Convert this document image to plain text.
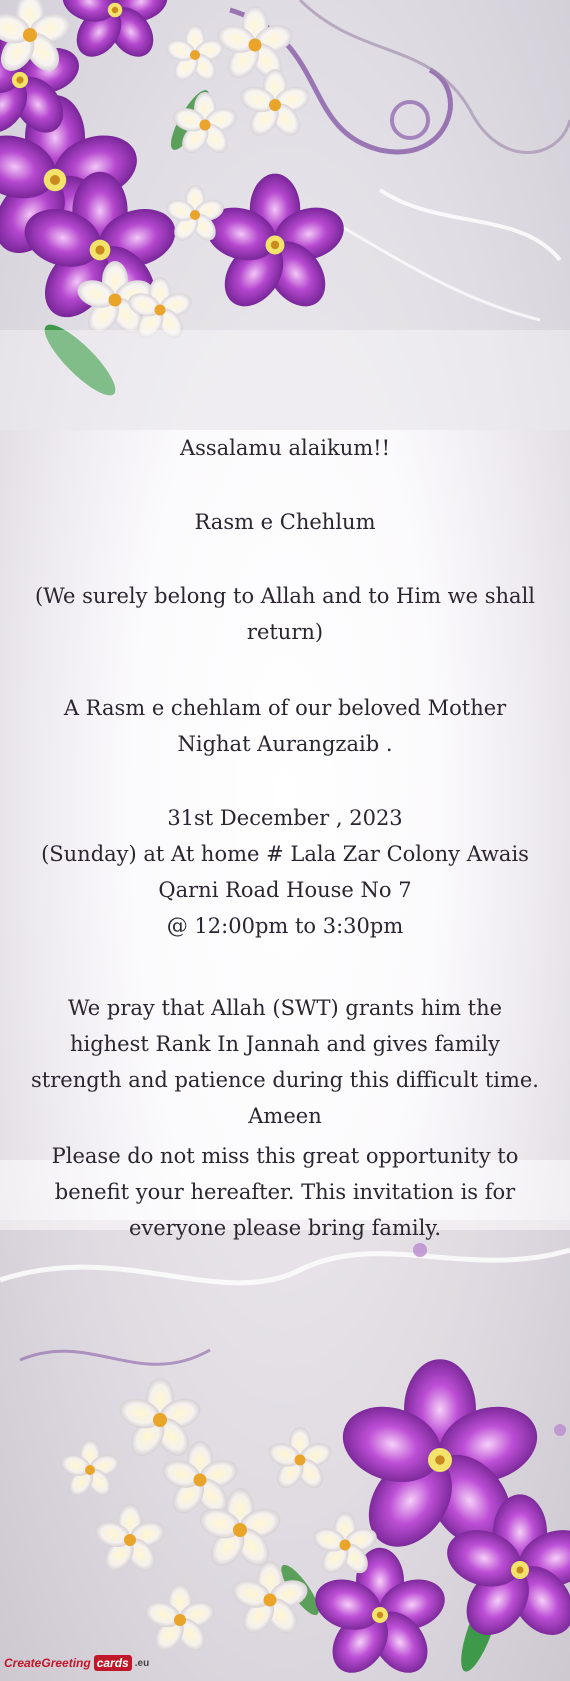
Assalamu alaikum!!

Rasm e Chehlum

(We surely belong to Allah and to Him we shall return)

A Rasm e chehlam of our beloved Mother Nighat Aurangzaib .

31st December , 2023

(Sunday) at At home # Lala Zar Colony Awais Qarni Road House No 7

@ 12:00pm to 3:30pm

We pray that Allah (SWT) grants him the highest Rank In Jannah and gives family strength and patience during this difficult time. Ameen

Please do not miss this great opportunity to benefit your hereafter. This invitation is for everyone please bring family.

CreateGreeting cards .eu
